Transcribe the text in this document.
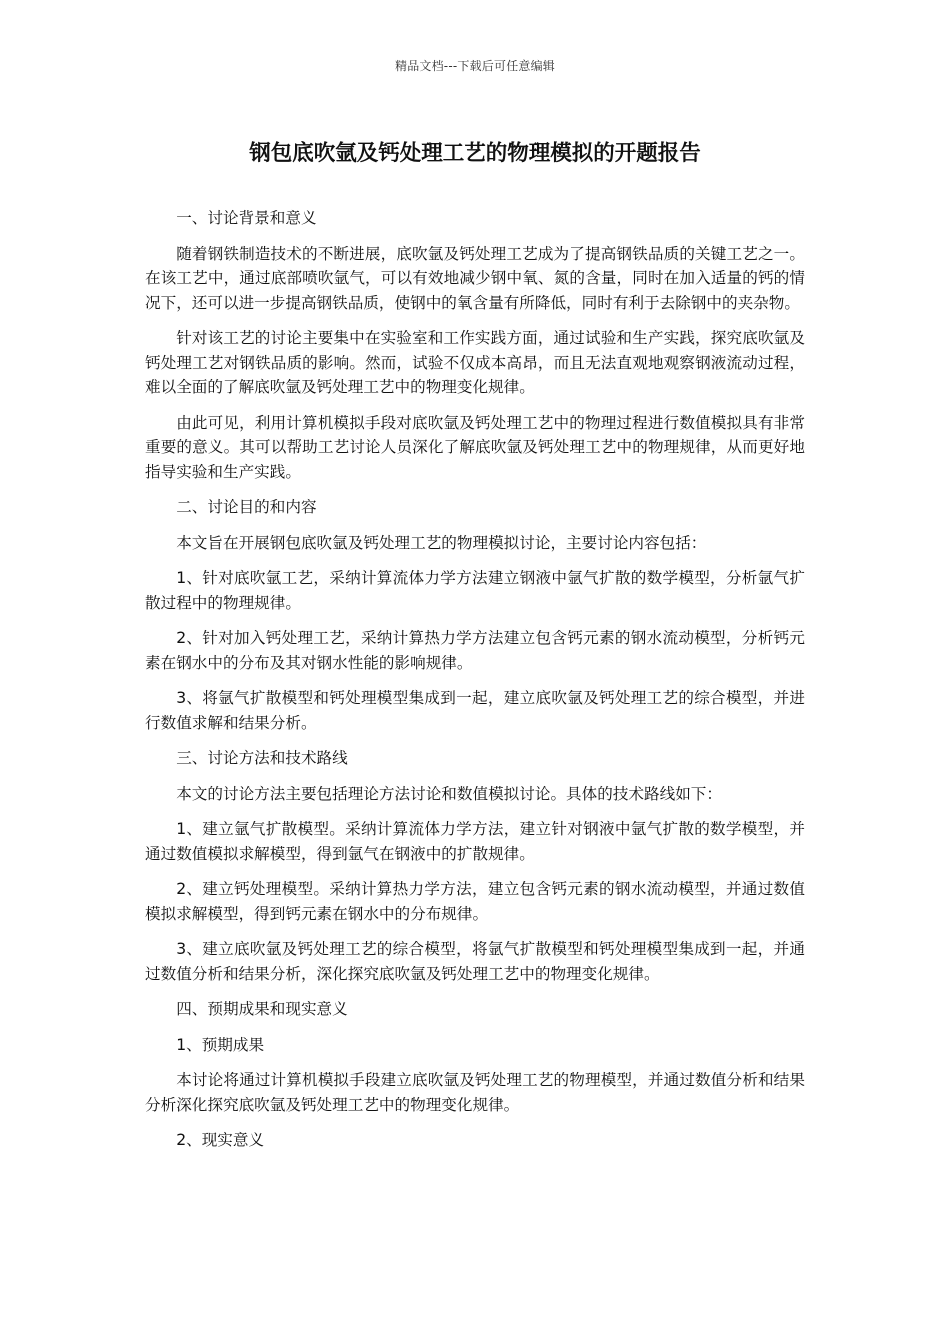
精品文档---下载后可任意编辑
钢包底吹氩及钙处理工艺的物理模拟的开题报告

一、讨论背景和意义

随着钢铁制造技术的不断进展，底吹氩及钙处理工艺成为了提高钢铁品质的关键工艺之一。在该工艺中，通过底部喷吹氩气，可以有效地减少钢中氧、氮的含量，同时在加入适量的钙的情况下，还可以进一步提高钢铁品质，使钢中的氧含量有所降低，同时有利于去除钢中的夹杂物。

针对该工艺的讨论主要集中在实验室和工作实践方面，通过试验和生产实践，探究底吹氩及钙处理工艺对钢铁品质的影响。然而，试验不仅成本高昂，而且无法直观地观察钢液流动过程，难以全面的了解底吹氩及钙处理工艺中的物理变化规律。

由此可见，利用计算机模拟手段对底吹氩及钙处理工艺中的物理过程进行数值模拟具有非常重要的意义。其可以帮助工艺讨论人员深化了解底吹氩及钙处理工艺中的物理规律，从而更好地指导实验和生产实践。

二、讨论目的和内容

本文旨在开展钢包底吹氩及钙处理工艺的物理模拟讨论，主要讨论内容包括：

1、针对底吹氩工艺，采纳计算流体力学方法建立钢液中氩气扩散的数学模型，分析氩气扩散过程中的物理规律。

2、针对加入钙处理工艺，采纳计算热力学方法建立包含钙元素的钢水流动模型，分析钙元素在钢水中的分布及其对钢水性能的影响规律。

3、将氩气扩散模型和钙处理模型集成到一起，建立底吹氩及钙处理工艺的综合模型，并进行数值求解和结果分析。

三、讨论方法和技术路线

本文的讨论方法主要包括理论方法讨论和数值模拟讨论。具体的技术路线如下：

1、建立氩气扩散模型。采纳计算流体力学方法，建立针对钢液中氩气扩散的数学模型，并通过数值模拟求解模型，得到氩气在钢液中的扩散规律。

2、建立钙处理模型。采纳计算热力学方法，建立包含钙元素的钢水流动模型，并通过数值模拟求解模型，得到钙元素在钢水中的分布规律。

3、建立底吹氩及钙处理工艺的综合模型，将氩气扩散模型和钙处理模型集成到一起，并通过数值分析和结果分析，深化探究底吹氩及钙处理工艺中的物理变化规律。

四、预期成果和现实意义

1、预期成果

本讨论将通过计算机模拟手段建立底吹氩及钙处理工艺的物理模型，并通过数值分析和结果分析深化探究底吹氩及钙处理工艺中的物理变化规律。

2、现实意义
